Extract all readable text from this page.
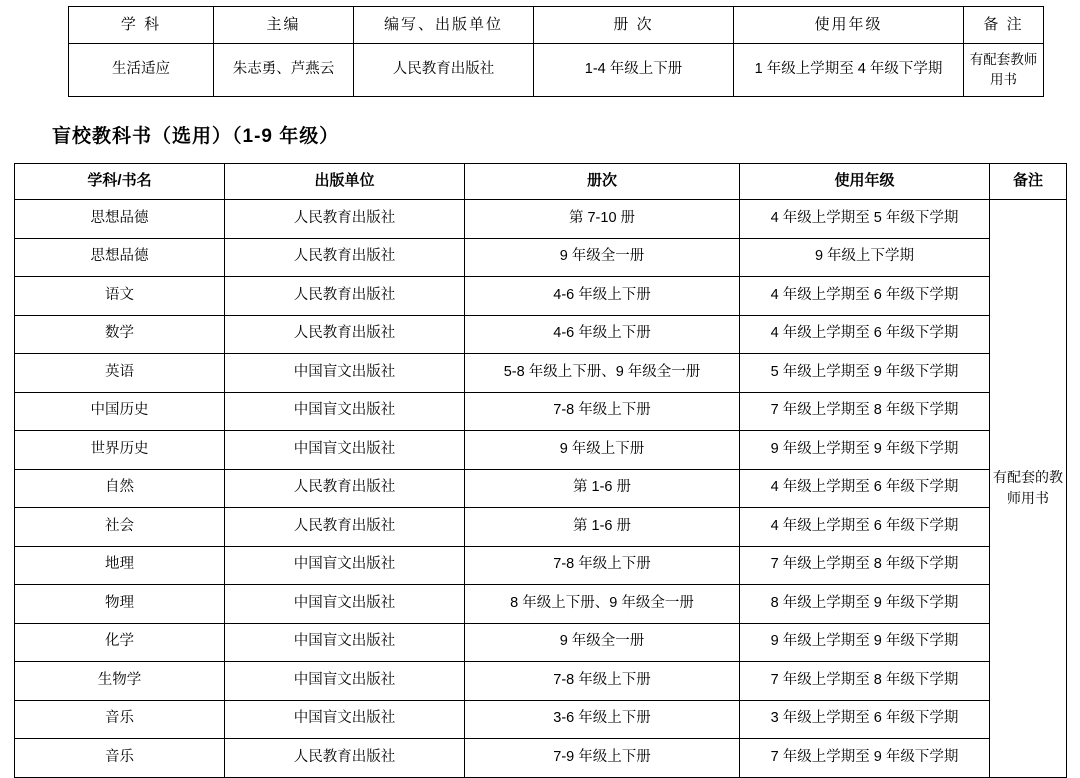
学 科	主编	编写、出版单位	册 次	使用年级	备 注
生活适应	朱志勇、芦燕云	人民教育出版社	1-4 年级上下册	1 年级上学期至 4 年级下学期	有配套教师用书
盲校教科书（选用）（1-9 年级）
学科/书名	出版单位	册次	使用年级	备注
思想品德	人民教育出版社	第 7-10 册	4 年级上学期至 5 年级下学期	有配套的教师用书
思想品德	人民教育出版社	9 年级全一册	9 年级上下学期	
语文	人民教育出版社	4-6 年级上下册	4 年级上学期至 6 年级下学期	
数学	人民教育出版社	4-6 年级上下册	4 年级上学期至 6 年级下学期	
英语	中国盲文出版社	5-8 年级上下册、9 年级全一册	5 年级上学期至 9 年级下学期	
中国历史	中国盲文出版社	7-8 年级上下册	7 年级上学期至 8 年级下学期	
世界历史	中国盲文出版社	9 年级上下册	9 年级上学期至 9 年级下学期	
自然	人民教育出版社	第 1-6 册	4 年级上学期至 6 年级下学期	
社会	人民教育出版社	第 1-6 册	4 年级上学期至 6 年级下学期	
地理	中国盲文出版社	7-8 年级上下册	7 年级上学期至 8 年级下学期	
物理	中国盲文出版社	8 年级上下册、9 年级全一册	8 年级上学期至 9 年级下学期	
化学	中国盲文出版社	9 年级全一册	9 年级上学期至 9 年级下学期	
生物学	中国盲文出版社	7-8 年级上下册	7 年级上学期至 8 年级下学期	
音乐	中国盲文出版社	3-6 年级上下册	3 年级上学期至 6 年级下学期	
音乐	人民教育出版社	7-9 年级上下册	7 年级上学期至 9 年级下学期	
